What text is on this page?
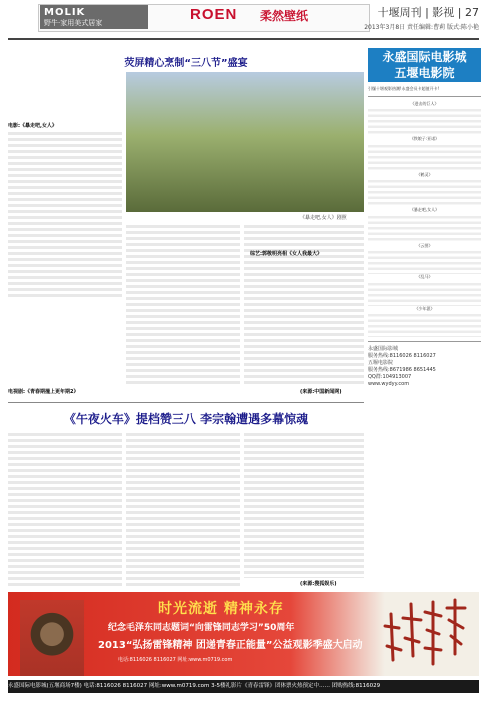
MOLIK
野牛·家用美式居家	ROEN 柔然壁纸	十堰周刊 | 影视 | 27
2013年3月8日 责任编辑:曹莉 版式:陈小艳
荧屏精心烹制“三八节”盛宴
电影:《暴走吧,女人》
《暴走吧,女人》剧照
电视剧:《青春期撞上更年期2》
综艺:郭敬明亮相《女人我最大》
(来源:中国新闻网)
《午夜火车》提档赞三八 李宗翰遭遇多幕惊魂
(来源:搜狐娱乐)
永盛国际电影城
五堰电影院
引爆十堰观影热潮!永盛会员卡超值开卡!
《进击的巨人》
《铁娘子:亚诺》
《鹤灵》
《暴走吧,女人》
《云图》
《乱马》
《少年派》
永盛国际影城
服务热线:8116026 8116027
五堰电影院
服务热线:8671986 8651445
QQ群:104913007
www.wydyy.com
时光流逝 精神永存
纪念毛泽东同志题词“向雷锋同志学习”50周年
2013“弘扬雷锋精神 团递青春正能量”公益观影季盛大启动
电话:8116026 8116027 网址:www.m0719.com
永盛国际电影城(五堰商场7楼) 电话:8116026 8116027 网址:www.m0719.com 3-5楼礼影片《青春雷锋》团体票火热预定中…… 团购热线:8116029
